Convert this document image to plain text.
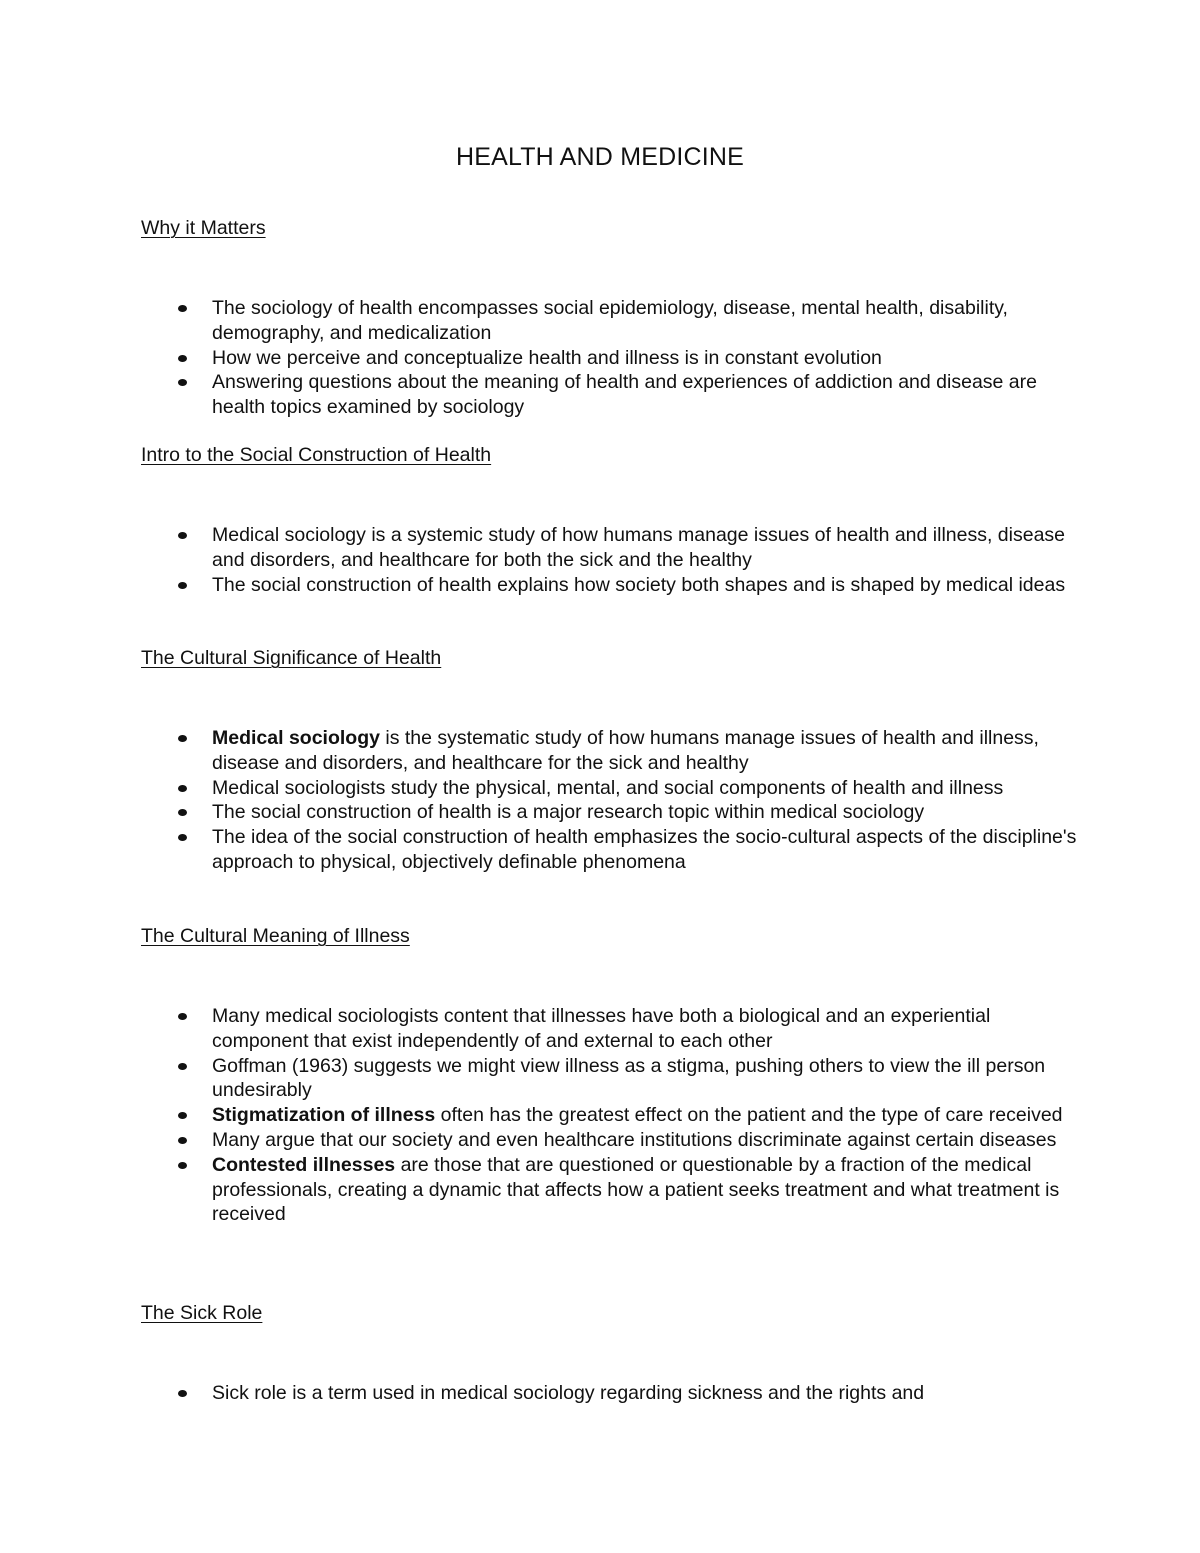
HEALTH AND MEDICINE
Why it Matters
The sociology of health encompasses social epidemiology, disease, mental health, disability, demography, and medicalization
How we perceive and conceptualize health and illness is in constant evolution
Answering questions about the meaning of health and experiences of addiction and disease are health topics examined by sociology
Intro to the Social Construction of Health
Medical sociology is a systemic study of how humans manage issues of health and illness, disease and disorders, and healthcare for both the sick and the healthy
The social construction of health explains how society both shapes and is shaped by medical ideas
The Cultural Significance of Health
Medical sociology is the systematic study of how humans manage issues of health and illness, disease and disorders, and healthcare for the sick and healthy
Medical sociologists study the physical, mental, and social components of health and illness
The social construction of health is a major research topic within medical sociology
The idea of the social construction of health emphasizes the socio-cultural aspects of the discipline's approach to physical, objectively definable phenomena
The Cultural Meaning of Illness
Many medical sociologists content that illnesses have both a biological and an experiential component that exist independently of and external to each other
Goffman (1963) suggests we might view illness as a stigma, pushing others to view the ill person undesirably
Stigmatization of illness often has the greatest effect on the patient and the type of care received
Many argue that our society and even healthcare institutions discriminate against certain diseases
Contested illnesses are those that are questioned or questionable by a fraction of the medical professionals, creating a dynamic that affects how a patient seeks treatment and what treatment is received
The Sick Role
Sick role is a term used in medical sociology regarding sickness and the rights and
